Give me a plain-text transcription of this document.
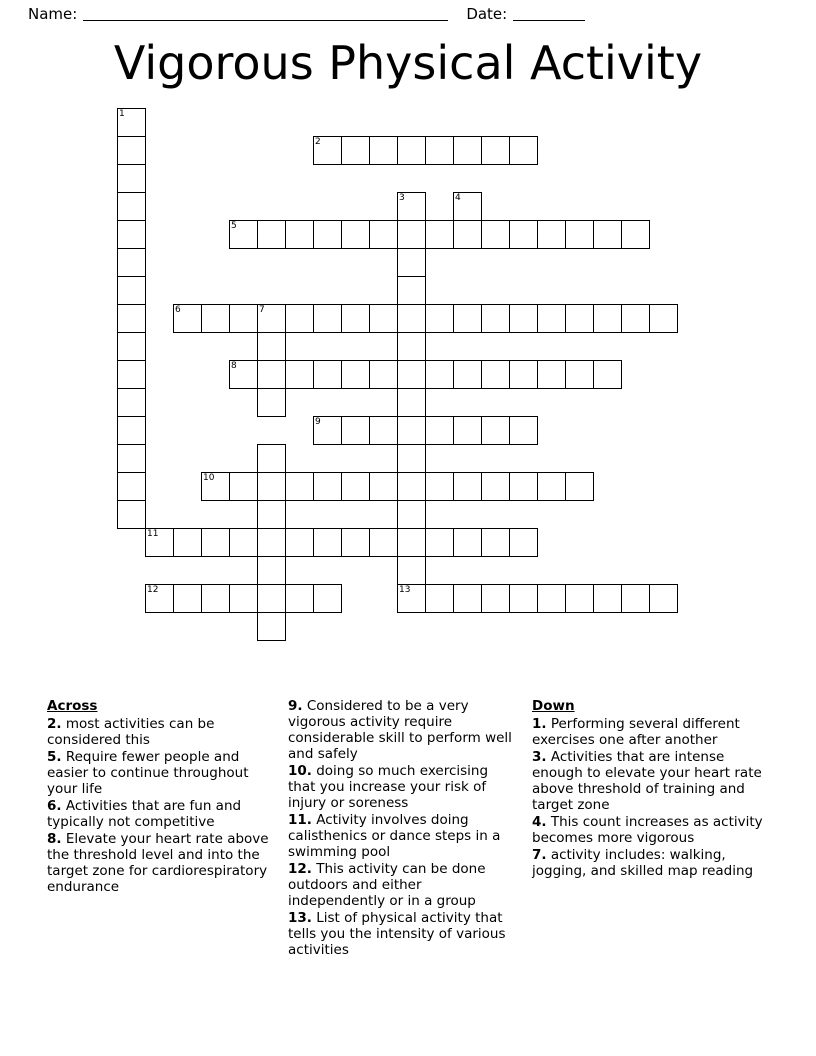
Name:	Date:
Vigorous Physical Activity
1
2
3	4
5
6	7
8
9
10
11
12	13
Across
2. most activities can be considered this
5. Require fewer people and easier to continue throughout your life
6. Activities that are fun and typically not competitive
8. Elevate your heart rate above the threshold level and into the target zone for cardiorespiratory endurance
9. Considered to be a very vigorous activity require considerable skill to perform well and safely
10. doing so much exercising that you increase your risk of injury or soreness
11. Activity involves doing calisthenics or dance steps in a swimming pool
12. This activity can be done outdoors and either independently or in a group
13. List of physical activity that tells you the intensity of various activities
Down
1. Performing several different exercises one after another
3. Activities that are intense enough to elevate your heart rate above threshold of training and target zone
4. This count increases as activity becomes more vigorous
7. activity includes: walking, jogging, and skilled map reading
